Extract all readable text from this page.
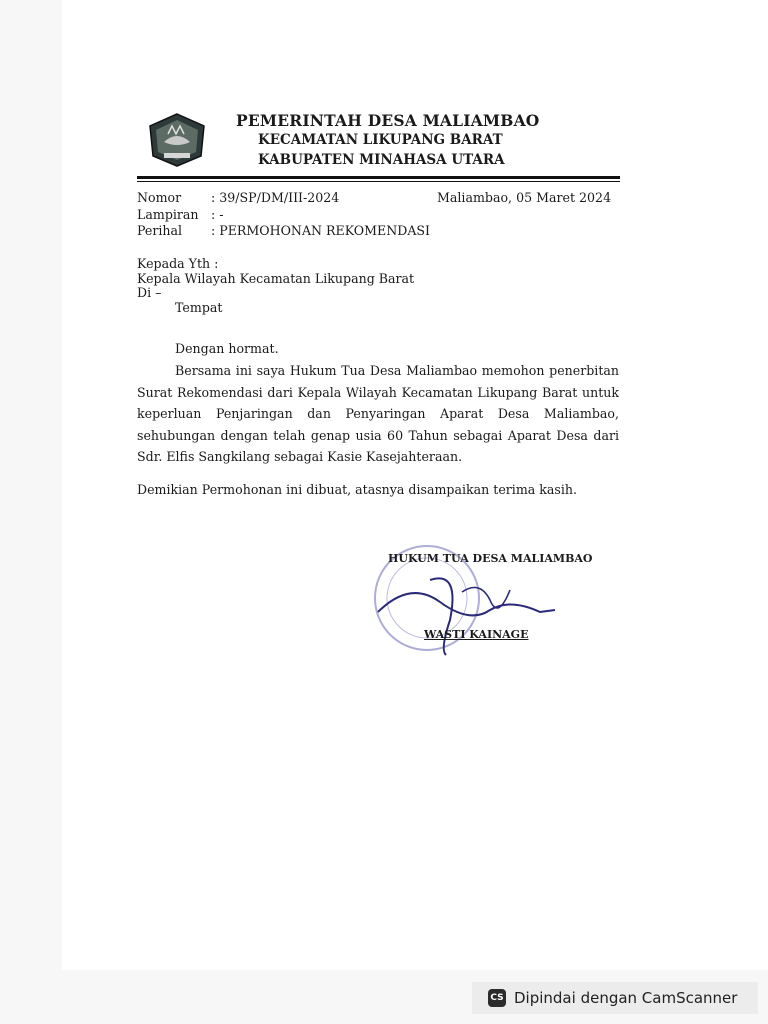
PEMERINTAH DESA MALIAMBAO
KECAMATAN LIKUPANG BARAT
KABUPATEN MINAHASA UTARA
Nomor : 39/SP/DM/III-2024	Maliambao, 05 Maret 2024
Lampiran : -
Perihal : PERMOHONAN REKOMENDASI
Kepada Yth :
Kepala Wilayah Kecamatan Likupang Barat
Di –
Tempat
Dengan hormat.
Bersama ini saya Hukum Tua Desa Maliambao memohon penerbitan Surat Rekomendasi dari Kepala Wilayah Kecamatan Likupang Barat untuk keperluan Penjaringan dan Penyaringan Aparat Desa Maliambao, sehubungan dengan telah genap usia 60 Tahun sebagai Aparat Desa dari Sdr. Elfis Sangkilang sebagai Kasie Kasejahteraan.
Demikian Permohonan ini dibuat, atasnya disampaikan terima kasih.
HUKUM TUA DESA MALIAMBAO
WASTI KAINAGE
CS Dipindai dengan CamScanner
